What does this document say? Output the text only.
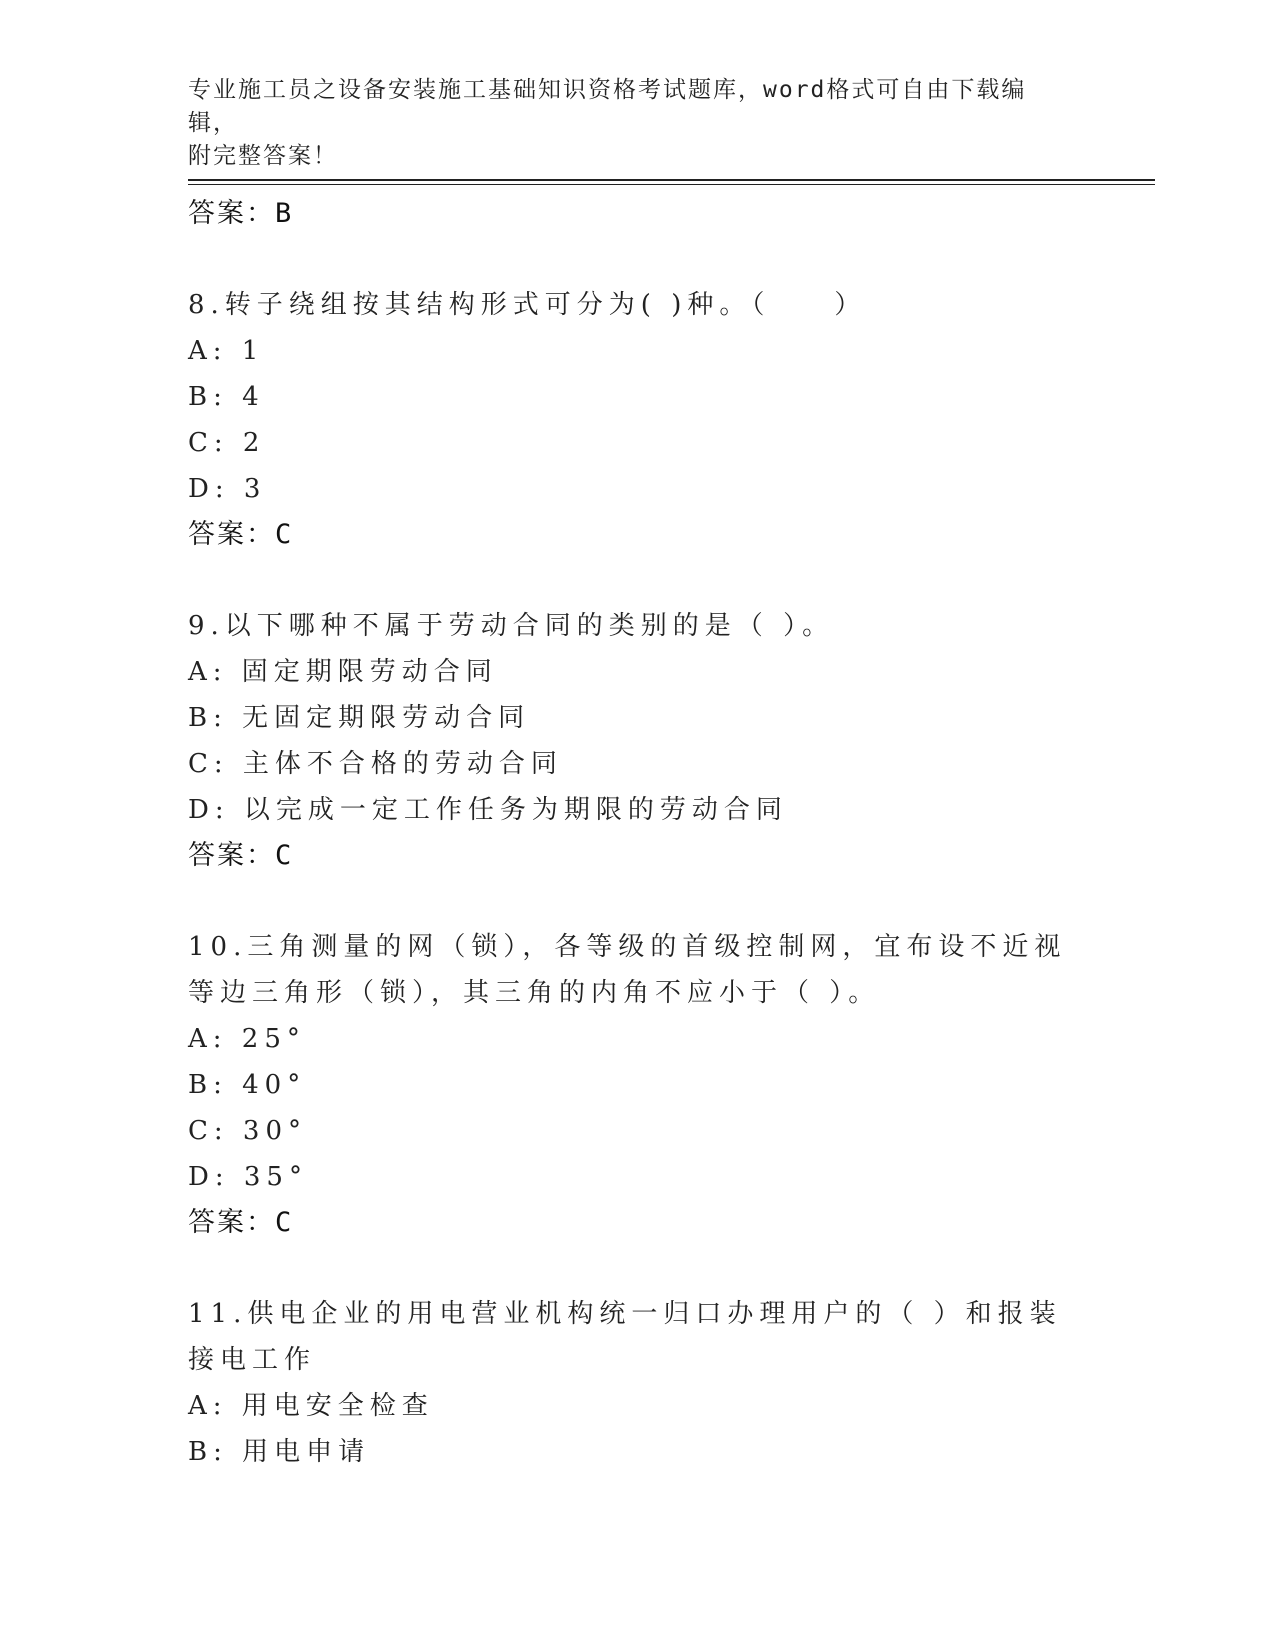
专业施工员之设备安装施工基础知识资格考试题库，word格式可自由下载编辑，
附完整答案！
答案：B
8.转子绕组按其结构形式可分为( )种。（　　）
A: 1
B: 4
C: 2
D: 3
答案：C
9.以下哪种不属于劳动合同的类别的是（ ）。
A: 固定期限劳动合同
B: 无固定期限劳动合同
C: 主体不合格的劳动合同
D: 以完成一定工作任务为期限的劳动合同
答案：C
10.三角测量的网（锁），各等级的首级控制网，宜布设不近视等边三角形（锁），其三角的内角不应小于（ ）。
A: 25°
B: 40°
C: 30°
D: 35°
答案：C
11.供电企业的用电营业机构统一归口办理用户的（ ）和报装接电工作
A: 用电安全检查
B: 用电申请
